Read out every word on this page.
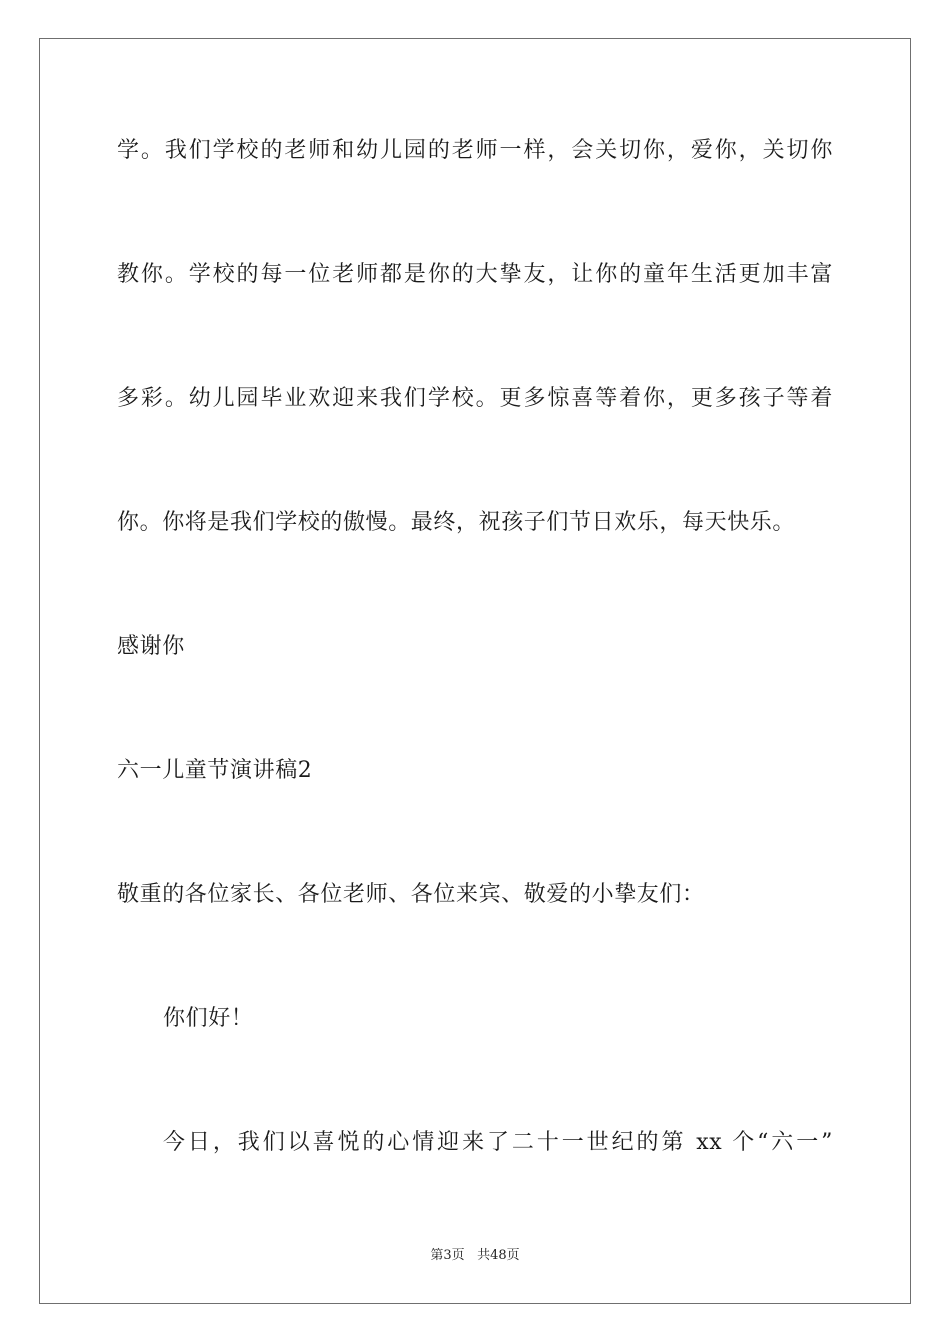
学。我们学校的老师和幼儿园的老师一样，会关切你，爱你，关切你
教你。学校的每一位老师都是你的大挚友，让你的童年生活更加丰富
多彩。幼儿园毕业欢迎来我们学校。更多惊喜等着你，更多孩子等着
你。你将是我们学校的傲慢。最终，祝孩子们节日欢乐，每天快乐。
感谢你
六一儿童节演讲稿2
敬重的各位家长、各位老师、各位来宾、敬爱的小挚友们：
你们好！
今日，我们以喜悦的心情迎来了二十一世纪的第 xx 个“六一”
第3页 共48页
